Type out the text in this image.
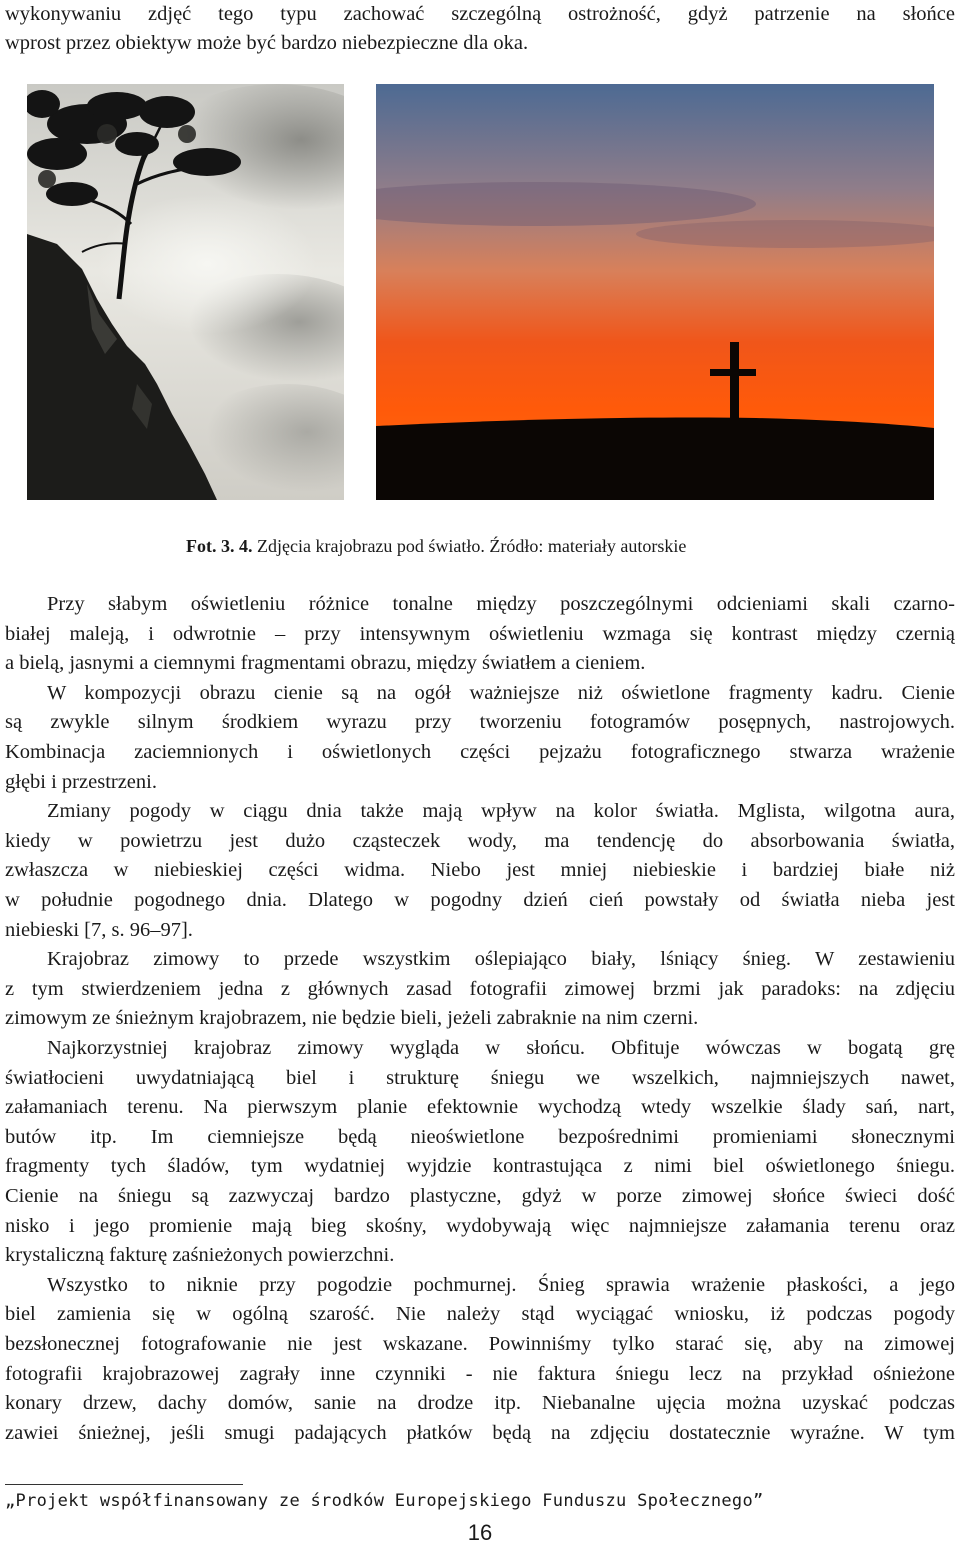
wykonywaniu zdjęć tego typu zachować szczególną ostrożność, gdyż patrzenie na słońce
wprost przez obiektyw może być bardzo niebezpieczne dla oka.
Fot. 3. 4. Zdjęcia krajobrazu pod światło. Źródło: materiały autorskie
Przy słabym oświetleniu różnice tonalne między poszczególnymi odcieniami skali czarno-
białej maleją, i odwrotnie – przy intensywnym oświetleniu wzmaga się kontrast między czernią
a bielą, jasnymi a ciemnymi fragmentami obrazu, między światłem a cieniem.
W kompozycji obrazu cienie są na ogół ważniejsze niż oświetlone fragmenty kadru. Cienie
są zwykle silnym środkiem wyrazu przy tworzeniu fotogramów posępnych, nastrojowych.
Kombinacja zaciemnionych i oświetlonych części pejzażu fotograficznego stwarza wrażenie
głębi i przestrzeni.
Zmiany pogody w ciągu dnia także mają wpływ na kolor światła. Mglista, wilgotna aura,
kiedy w powietrzu jest dużo cząsteczek wody, ma tendencję do absorbowania światła,
zwłaszcza w niebieskiej części widma. Niebo jest mniej niebieskie i bardziej białe niż
w południe pogodnego dnia. Dlatego w pogodny dzień cień powstały od światła nieba jest
niebieski [7, s. 96–97].
Krajobraz zimowy to przede wszystkim oślepiająco biały, lśniący śnieg. W zestawieniu
z tym stwierdzeniem jedna z głównych zasad fotografii zimowej brzmi jak paradoks: na zdjęciu
zimowym ze śnieżnym krajobrazem, nie będzie bieli, jeżeli zabraknie na nim czerni.
Najkorzystniej krajobraz zimowy wygląda w słońcu. Obfituje wówczas w bogatą grę
światłocieni uwydatniającą biel i strukturę śniegu we wszelkich, najmniejszych nawet,
załamaniach terenu. Na pierwszym planie efektownie wychodzą wtedy wszelkie ślady sań, nart,
butów itp. Im ciemniejsze będą nieoświetlone bezpośrednimi promieniami słonecznymi
fragmenty tych śladów, tym wydatniej wyjdzie kontrastująca z nimi biel oświetlonego śniegu.
Cienie na śniegu są zazwyczaj bardzo plastyczne, gdyż w porze zimowej słońce świeci dość
nisko i jego promienie mają bieg skośny, wydobywają więc najmniejsze załamania terenu oraz
krystaliczną fakturę zaśnieżonych powierzchni.
Wszystko to niknie przy pogodzie pochmurnej. Śnieg sprawia wrażenie płaskości, a jego
biel zamienia się w ogólną szarość. Nie należy stąd wyciągać wniosku, iż podczas pogody
bezsłonecznej fotografowanie nie jest wskazane. Powinniśmy tylko starać się, aby na zimowej
fotografii krajobrazowej zagrały inne czynniki - nie faktura śniegu lecz na przykład ośnieżone
konary drzew, dachy domów, sanie na drodze itp. Niebanalne ujęcia można uzyskać podczas
zawiei śnieżnej, jeśli smugi padających płatków będą na zdjęciu dostatecznie wyraźne. W tym
„Projekt współfinansowany ze środków Europejskiego Funduszu Społecznego”
16
